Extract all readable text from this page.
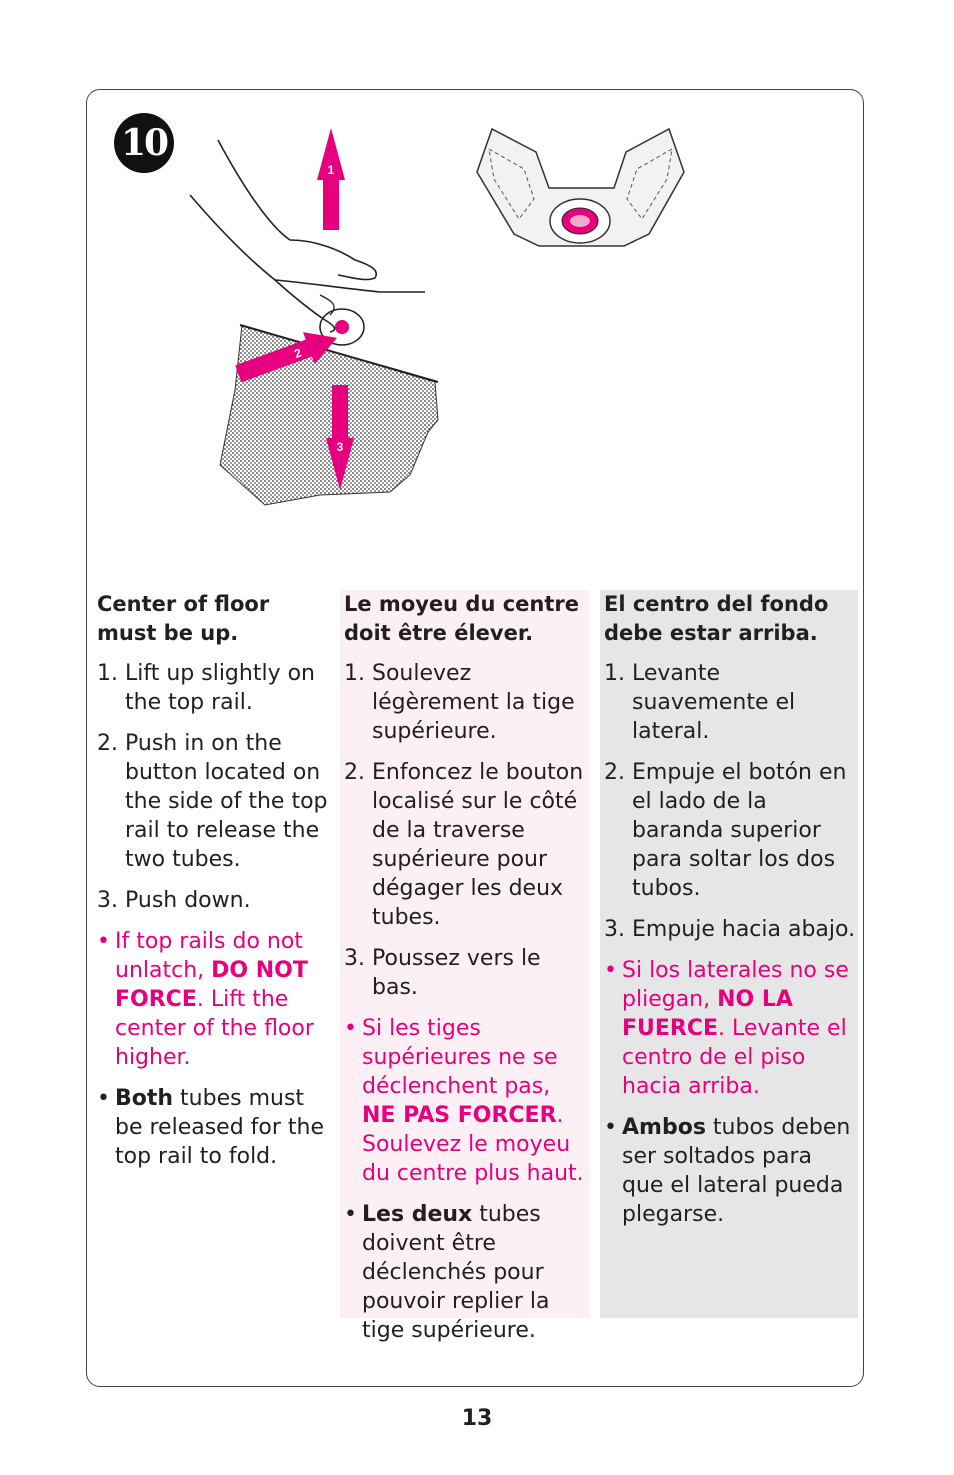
10
1
2
3
Center of floor must be up.
1. Lift up slightly on the top rail.
2. Push in on the button located on the side of the top rail to release the two tubes.
3. Push down.
• If top rails do not unlatch, DO NOT FORCE. Lift the center of the floor higher.
• Both tubes must be released for the top rail to fold.
Le moyeu du centre doit être élever.
1. Soulevez légèrement la tige supérieure.
2. Enfoncez le bouton localisé sur le côté de la traverse supérieure pour dégager les deux tubes.
3. Poussez vers le bas.
• Si les tiges supérieures ne se déclenchent pas, NE PAS FORCER. Soulevez le moyeu du centre plus haut.
• Les deux tubes doivent être déclenchés pour pouvoir replier la tige supérieure.
El centro del fondo debe estar arriba.
1. Levante suavemente el lateral.
2. Empuje el botón en el lado de la baranda superior para soltar los dos tubos.
3. Empuje hacia abajo.
• Si los laterales no se pliegan, NO LA FUERCE. Levante el centro de el piso hacia arriba.
• Ambos tubos deben ser soltados para que el lateral pueda plegarse.
13
